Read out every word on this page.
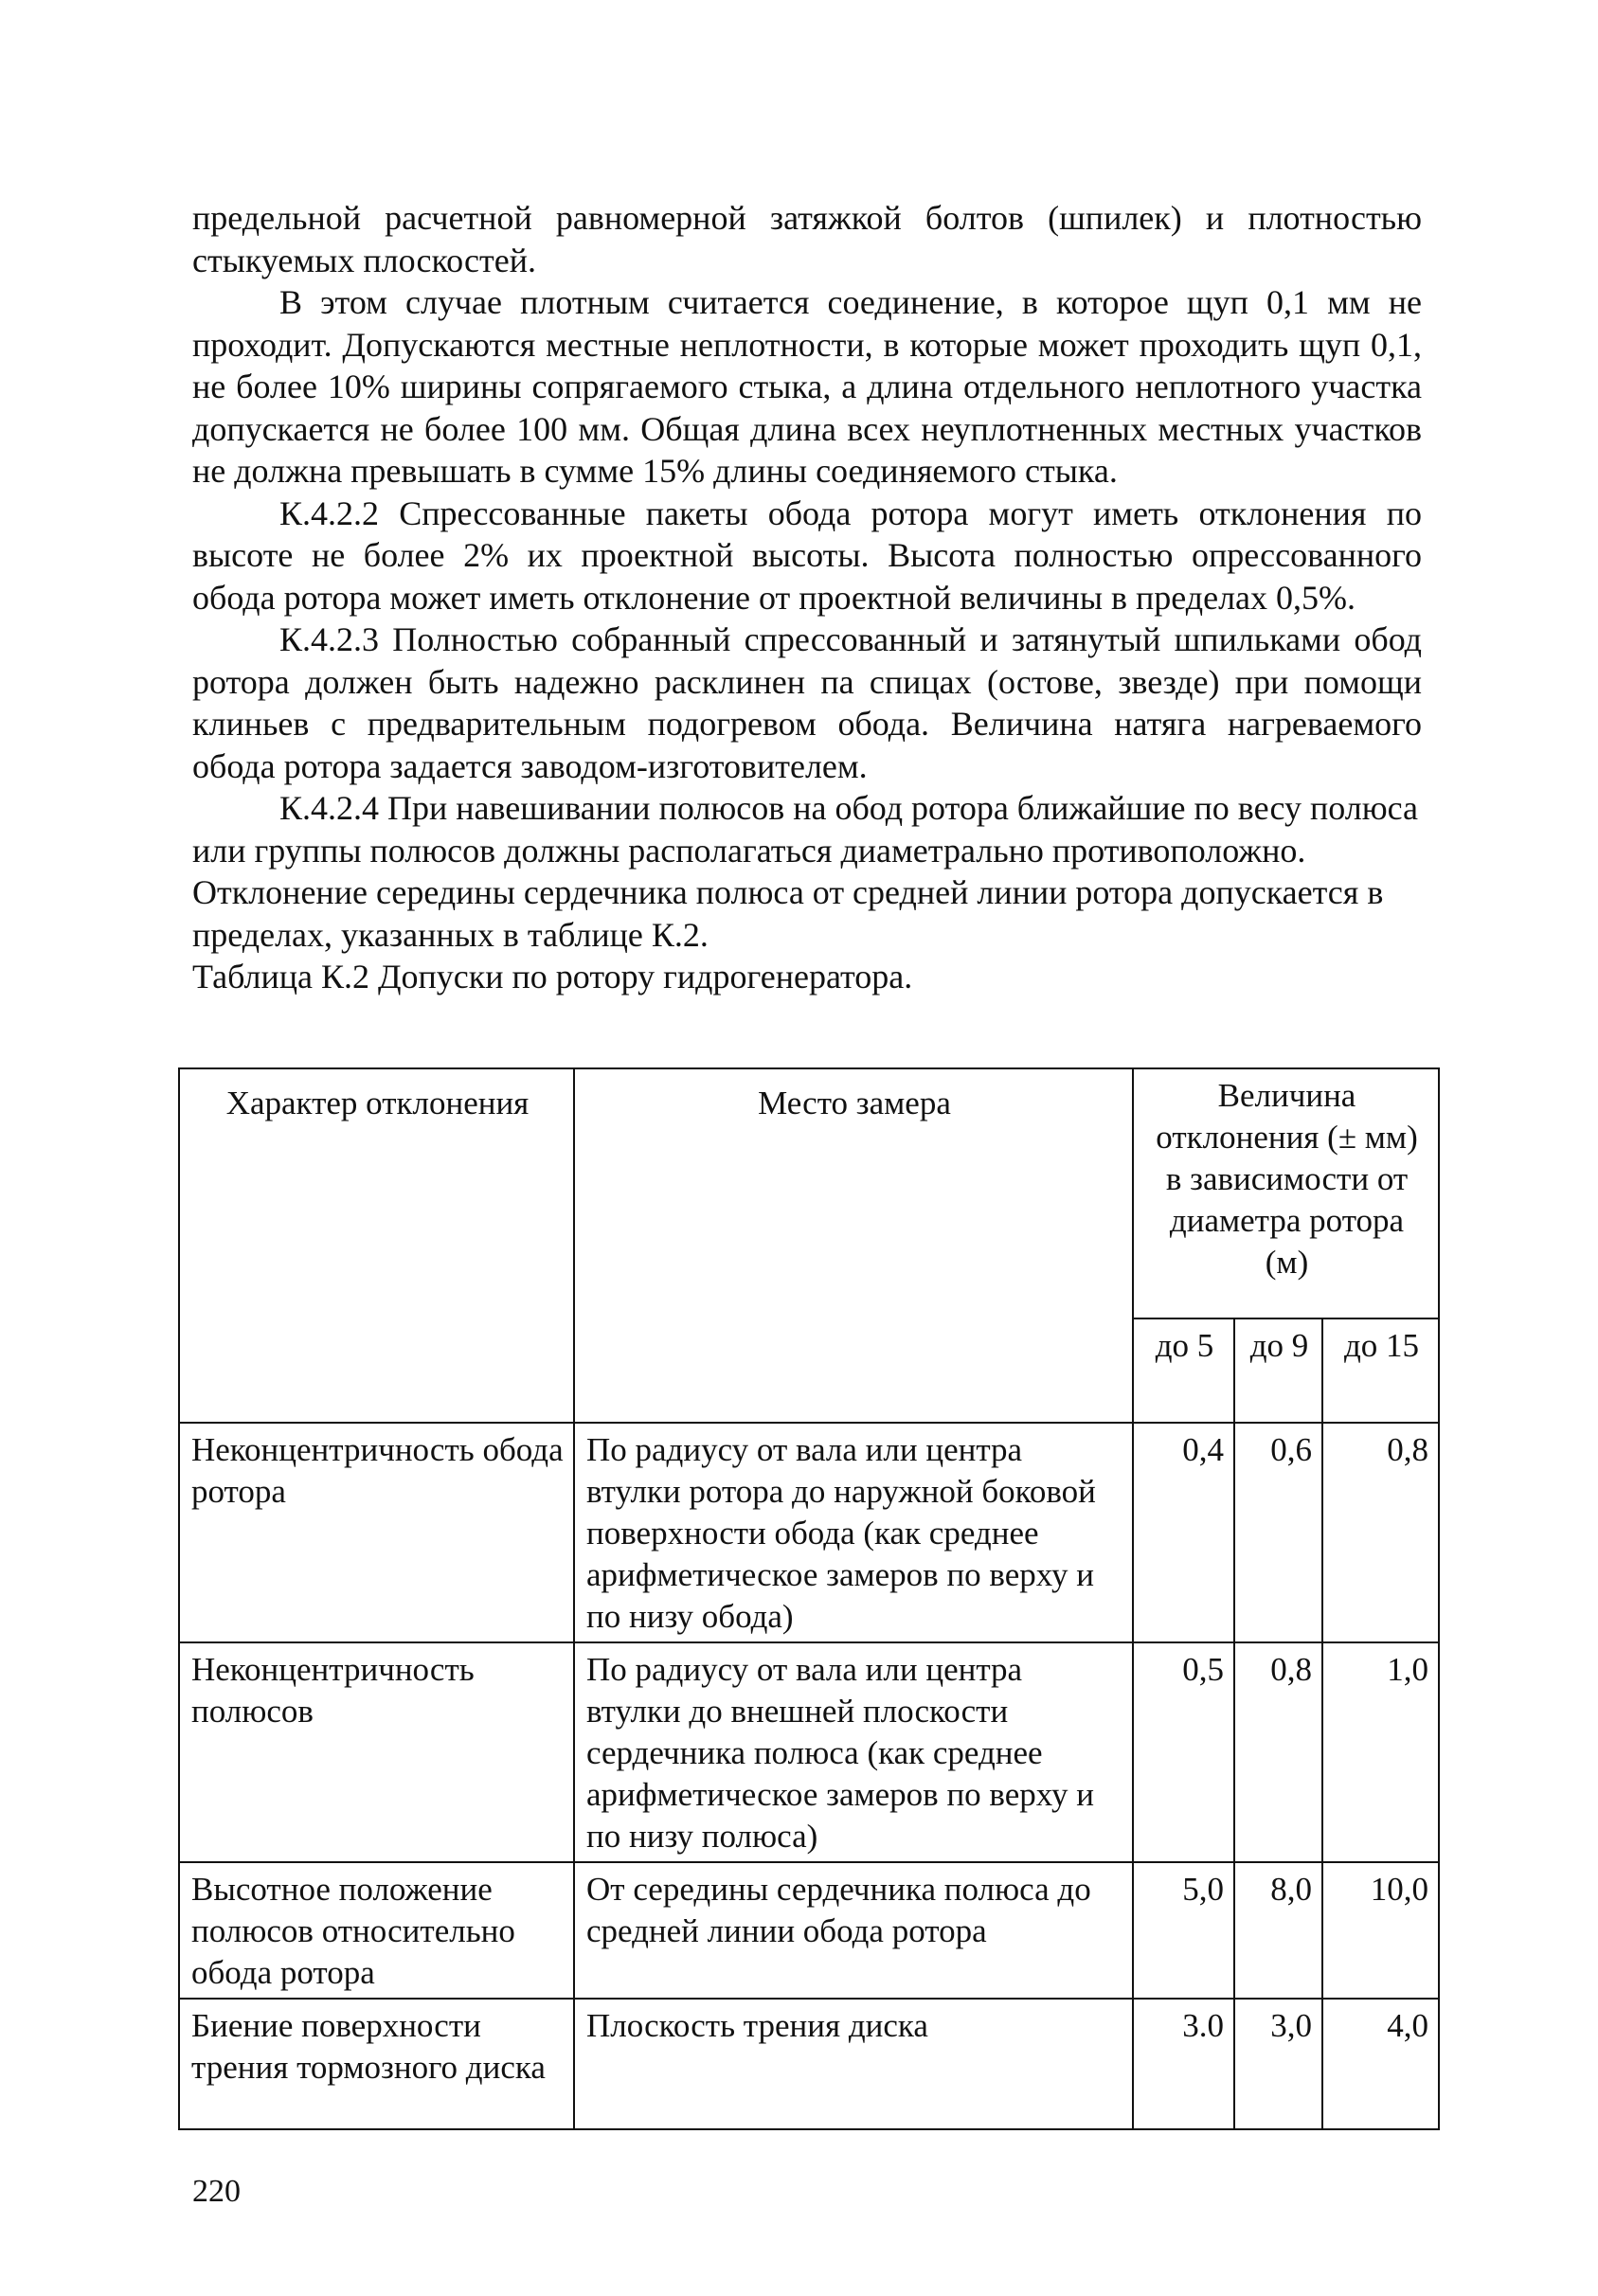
предельной расчетной равномерной затяжкой болтов (шпилек) и плотностью стыкуемых плоскостей.

В этом случае плотным считается соединение, в которое щуп 0,1 мм не проходит. Допускаются местные неплотности, в которые может проходить щуп 0,1, не более 10% ширины сопрягаемого стыка, а длина отдельного неплотного участка допускается не более 100 мм. Общая длина всех неуплотненных местных участков не должна превышать в сумме 15% длины соединяемого стыка.

К.4.2.2 Спрессованные пакеты обода ротора могут иметь отклонения по высоте не более 2% их проектной высоты. Высота полностью опрессованного обода ротора может иметь отклонение от проектной величины в пределах 0,5%.

К.4.2.3 Полностью собранный спрессованный и затянутый шпильками обод ротора должен быть надежно расклинен па спицах (остове, звезде) при помощи клиньев с предварительным подогревом обода. Величина натяга нагреваемого обода ротора задается заводом-изготовителем.

К.4.2.4 При навешивании полюсов на обод ротора ближайшие по весу полюса или группы полюсов должны располагаться диаметрально противоположно. Отклонение середины сердечника полюса от средней линии ротора допускается в пределах, указанных в таблице К.2.

Таблица К.2 Допуски по ротору гидрогенератора.

Характер отклонения	Место замера	Величина отклонения (± мм) в зависимости от диаметра ротора (м)		
		до 5	до 9	до 15
Неконцентричность обода ротора	По радиусу от вала или центра втулки ротора до наружной боковой поверхности обода (как среднее арифметическое замеров по верху и по низу обода)	0,4	0,6	0,8
Неконцентричность полюсов	По радиусу от вала или центра втулки до внешней плоскости сердечника полюса (как среднее арифметическое замеров по верху и по низу полюса)	0,5	0,8	1,0
Высотное положение полюсов относительно обода ротора	От середины сердечника полюса до средней линии обода ротора	5,0	8,0	10,0
Биение поверхности трения тормозного диска	Плоскость трения диска	3.0	3,0	4,0
220
